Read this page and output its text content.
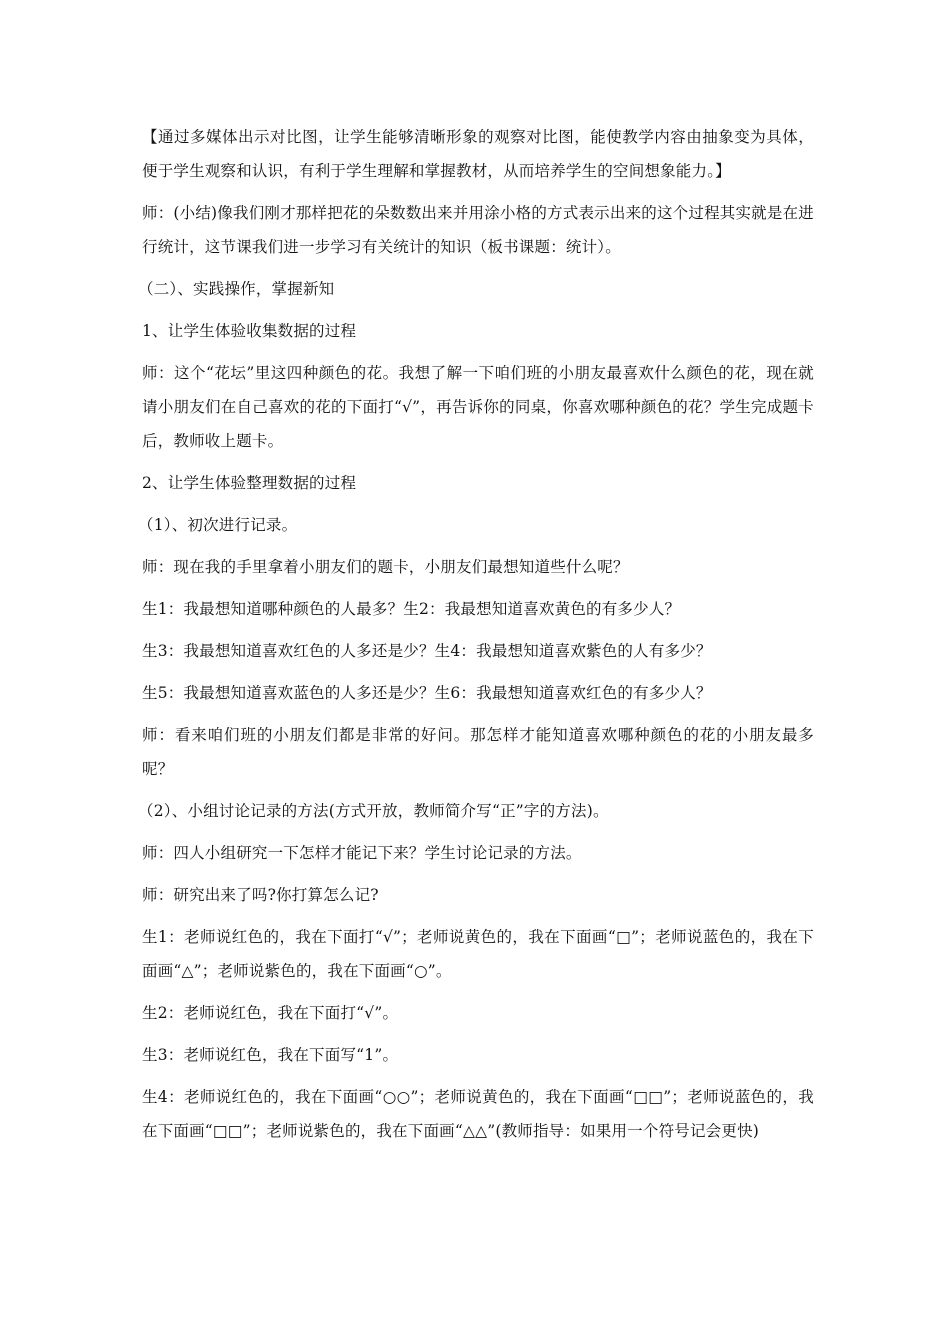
【通过多媒体出示对比图，让学生能够清晰形象的观察对比图，能使教学内容由抽象变为具体，便于学生观察和认识，有利于学生理解和掌握教材，从而培养学生的空间想象能力。】

师：(小结)像我们刚才那样把花的朵数数出来并用涂小格的方式表示出来的这个过程其实就是在进行统计，这节课我们进一步学习有关统计的知识（板书课题：统计）。

（二）、实践操作，掌握新知

1、让学生体验收集数据的过程

师：这个“花坛”里这四种颜色的花。我想了解一下咱们班的小朋友最喜欢什么颜色的花，现在就请小朋友们在自己喜欢的花的下面打“√”，再告诉你的同桌，你喜欢哪种颜色的花？学生完成题卡后，教师收上题卡。

2、让学生体验整理数据的过程

（1）、初次进行记录。

师：现在我的手里拿着小朋友们的题卡，小朋友们最想知道些什么呢？

生1：我最想知道哪种颜色的人最多？生2：我最想知道喜欢黄色的有多少人？

生3：我最想知道喜欢红色的人多还是少？生4：我最想知道喜欢紫色的人有多少？

生5：我最想知道喜欢蓝色的人多还是少？生6：我最想知道喜欢红色的有多少人？

师：看来咱们班的小朋友们都是非常的好问。那怎样才能知道喜欢哪种颜色的花的小朋友最多呢？

（2）、小组讨论记录的方法(方式开放，教师简介写“正”字的方法)。

师：四人小组研究一下怎样才能记下来？学生讨论记录的方法。

师：研究出来了吗?你打算怎么记?

生1：老师说红色的，我在下面打“√”；老师说黄色的，我在下面画“□”；老师说蓝色的，我在下面画“△”；老师说紫色的，我在下面画“○”。

生2：老师说红色，我在下面打“√”。

生3：老师说红色，我在下面写“1”。

生4：老师说红色的，我在下面画“○○”；老师说黄色的，我在下面画“□□”；老师说蓝色的，我在下面画“□□”；老师说紫色的，我在下面画“△△”(教师指导：如果用一个符号记会更快)
